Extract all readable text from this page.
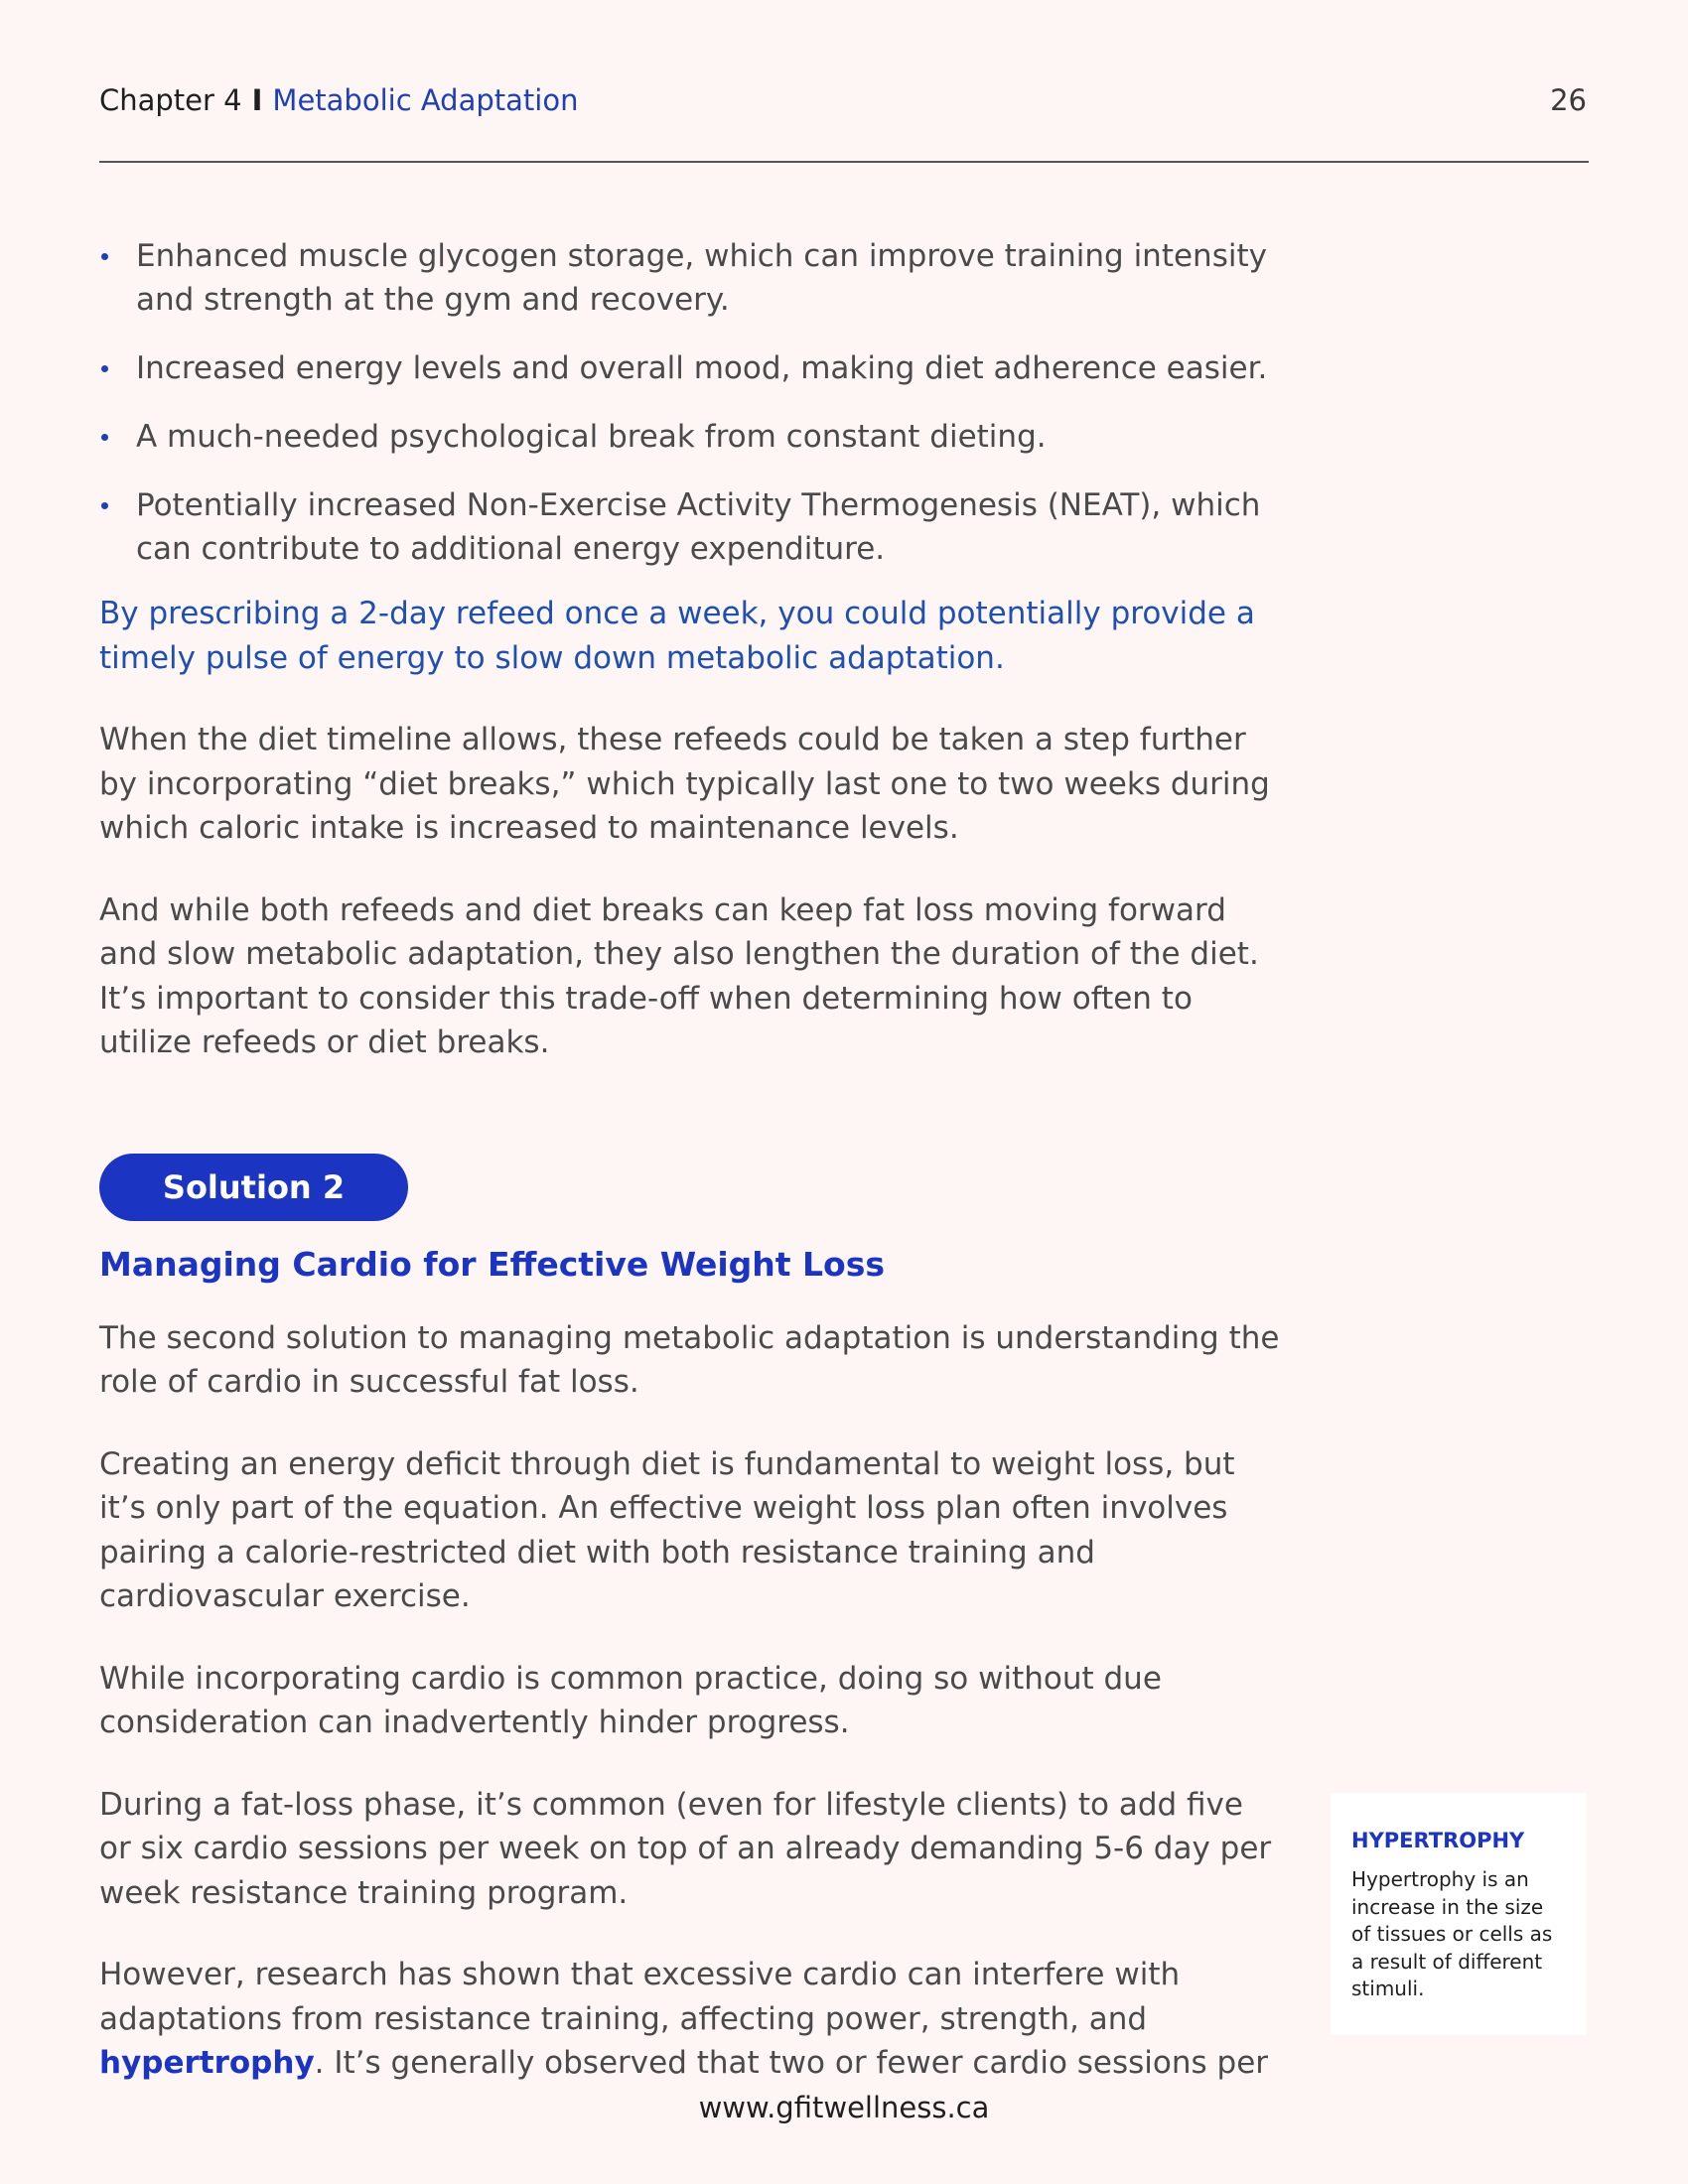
Chapter 4 I Metabolic Adaptation	26
Enhanced muscle glycogen storage, which can improve training intensity and strength at the gym and recovery.
Increased energy levels and overall mood, making diet adherence easier.
A much-needed psychological break from constant dieting.
Potentially increased Non-Exercise Activity Thermogenesis (NEAT), which can contribute to additional energy expenditure.

By prescribing a 2-day refeed once a week, you could potentially provide a timely pulse of energy to slow down metabolic adaptation.

When the diet timeline allows, these refeeds could be taken a step further by incorporating “diet breaks,” which typically last one to two weeks during which caloric intake is increased to maintenance levels.

And while both refeeds and diet breaks can keep fat loss moving forward and slow metabolic adaptation, they also lengthen the duration of the diet. It’s important to consider this trade-off when determining how often to utilize refeeds or diet breaks.

Solution 2
Managing Cardio for Effective Weight Loss

The second solution to managing metabolic adaptation is understanding the role of cardio in successful fat loss.

Creating an energy deficit through diet is fundamental to weight loss, but it’s only part of the equation. An effective weight loss plan often involves pairing a calorie-restricted diet with both resistance training and cardiovascular exercise.

While incorporating cardio is common practice, doing so without due consideration can inadvertently hinder progress.

During a fat-loss phase, it’s common (even for lifestyle clients) to add five or six cardio sessions per week on top of an already demanding 5-6 day per week resistance training program.

However, research has shown that excessive cardio can interfere with adaptations from resistance training, affecting power, strength, and hypertrophy. It’s generally observed that two or fewer cardio sessions per

HYPERTROPHY
Hypertrophy is an increase in the size of tissues or cells as a result of different stimuli.
www.gfitwellness.ca
